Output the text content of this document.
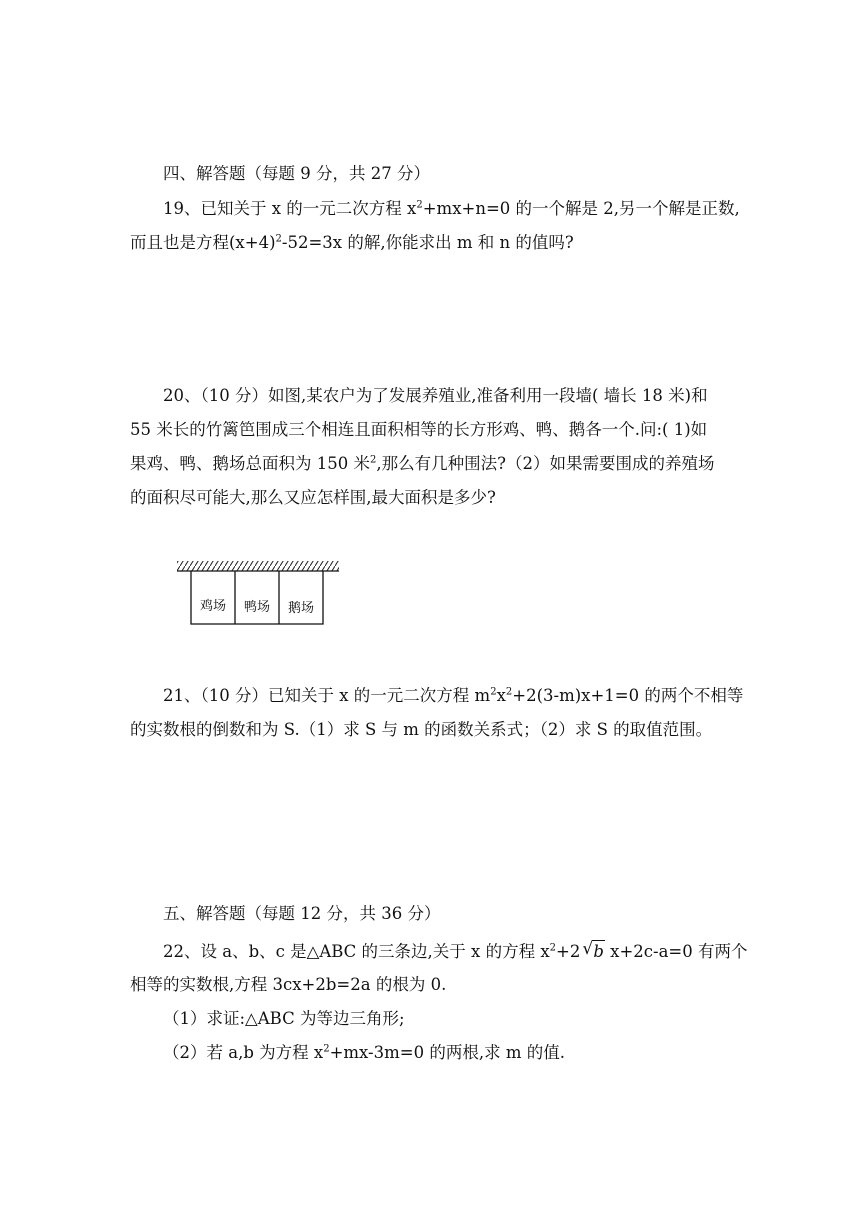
四、解答题（每题 9 分，共 27 分）
19、已知关于 x 的一元二次方程 $x^2+mx+n=0$ 的一个解是 2,另一个解是正数,
而且也是方程$(x+4)^2-52=3x$ 的解,你能求出 m 和 n 的值吗?
20、（10 分）如图,某农户为了发展养殖业,准备利用一段墙( 墙长 18 米)和
55 米长的竹篱笆围成三个相连且面积相等的长方形鸡、鸭、鹅各一个.问:( 1)如
果鸡、鸭、鹅场总面积为 150 米$^2$,那么有几种围法?（2）如果需要围成的养殖场
的面积尽可能大,那么又应怎样围,最大面积是多少?
鸡场 鸭场 鹅场
21、（10 分）已知关于 x 的一元二次方程 $m^2x^2+2(3-m)x+1=0$ 的两个不相等
的实数根的倒数和为 S.（1）求 S 与 m 的函数关系式；（2）求 S 的取值范围。
五、解答题（每题 12 分，共 36 分）
22、设 a、b、c 是△ABC 的三条边,关于 x 的方程 $x^2+2√$ b x+2c-a=0 有两个
相等的实数根,方程 3cx+2b=2a 的根为 0.
（1）求证:△ABC 为等边三角形;
（2）若 a,b 为方程 $x^2+mx-3m=0$ 的两根,求 m 的值.
